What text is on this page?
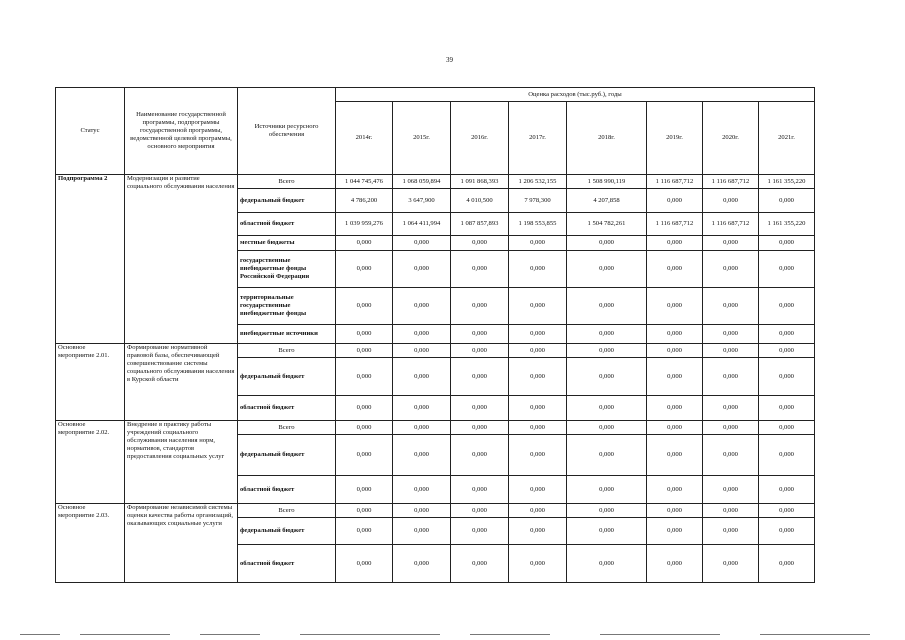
39
Статус	Наименование государственной программы, подпрограммы государственной программы, ведомственной целевой программы, основного мероприятия	Источники ресурсного обеспечения	Оценка расходов (тыс.руб.), годы							
			2014г.	2015г.	2016г.	2017г.	2018г.	2019г.	2020г.	2021г.
Подпрограмма 2	Модернизация и развитие социального обслуживания населения	Всего	1 044 745,476	1 068 059,894	1 091 868,393	1 206 532,155	1 508 990,119	1 116 687,712	1 116 687,712	1 161 355,220
		федеральный бюджет	4 786,200	3 647,900	4 010,500	7 978,300	4 207,858	0,000	0,000	0,000
		областной бюджет	1 039 959,276	1 064 411,994	1 087 857,893	1 198 553,855	1 504 782,261	1 116 687,712	1 116 687,712	1 161 355,220
		местные бюджеты	0,000	0,000	0,000	0,000	0,000	0,000	0,000	0,000
		государственные внебюджетные фонды Российской Федерации	0,000	0,000	0,000	0,000	0,000	0,000	0,000	0,000
		территориальные государственные внебюджетные фонды	0,000	0,000	0,000	0,000	0,000	0,000	0,000	0,000
		внебюджетные источники	0,000	0,000	0,000	0,000	0,000	0,000	0,000	0,000
Основное мероприятие 2.01.	Формирование нормативной правовой базы, обеспечивающей совершенствование системы социального обслуживания населения в Курской области	Всего	0,000	0,000	0,000	0,000	0,000	0,000	0,000	0,000
		федеральный бюджет	0,000	0,000	0,000	0,000	0,000	0,000	0,000	0,000
		областной бюджет	0,000	0,000	0,000	0,000	0,000	0,000	0,000	0,000
Основное мероприятие 2.02.	Внедрение в практику работы учреждений социального обслуживания населения норм, нормативов, стандартов предоставления социальных услуг	Всего	0,000	0,000	0,000	0,000	0,000	0,000	0,000	0,000
		федеральный бюджет	0,000	0,000	0,000	0,000	0,000	0,000	0,000	0,000
		областной бюджет	0,000	0,000	0,000	0,000	0,000	0,000	0,000	0,000
Основное мероприятие 2.03.	Формирование независимой системы оценки качества работы организаций, оказывающих социальные услуги	Всего	0,000	0,000	0,000	0,000	0,000	0,000	0,000	0,000
		федеральный бюджет	0,000	0,000	0,000	0,000	0,000	0,000	0,000	0,000
		областной бюджет	0,000	0,000	0,000	0,000	0,000	0,000	0,000	0,000
